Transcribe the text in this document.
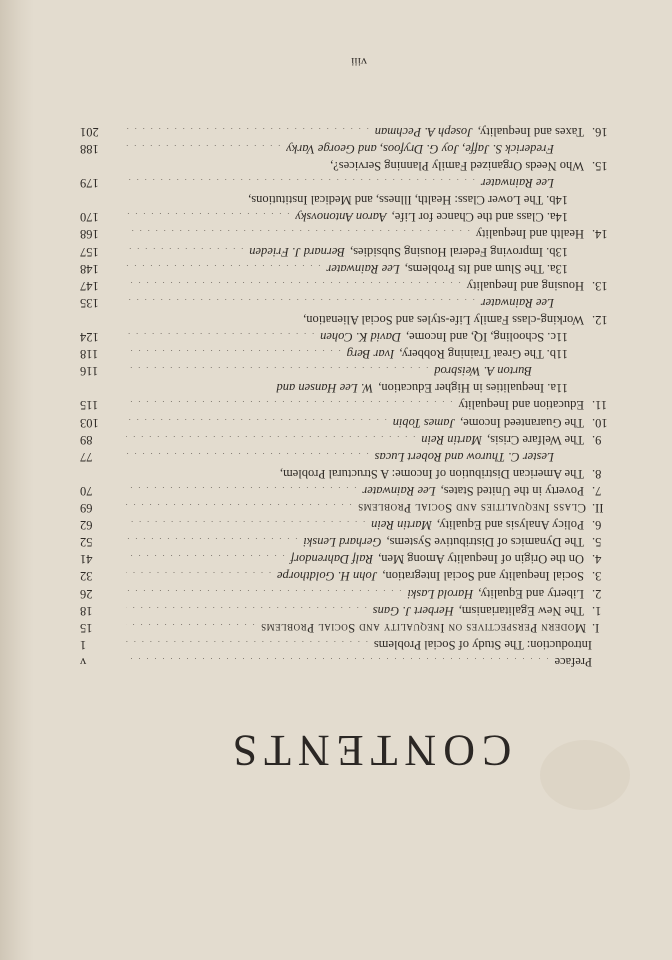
CONTENTS
Preface
. . .
v
Introduction: The Study of Social Problems
. . .
1
I.
Modern Perspectives on Inequality and Social Problems
. . .
15
1.
The New Egalitarianism,
Herbert J. Gans
. . .
18
2.
Liberty and Equality,
Harold Laski
. . .
26
3.
Social Inequality and Social Integration,
John H. Goldthorpe
. . .
32
4.
On the Origin of Inequality Among Men,
Ralf Dahrendorf
. . .
41
5.
The Dynamics of Distributive Systems,
Gerhard Lenski
. . .
52
6.
Policy Analysis and Equality,
Martin Rein
. . .
62
II.
Class Inequalities and Social Problems
. . .
69
7.
Poverty in the United States,
Lee Rainwater
. . .
70
8.
The American Distribution of Income: A Structural Problem,
Lester C. Thurow and Robert Lucas
. . .
77
9.
The Welfare Crisis,
Martin Rein
. . .
89
10.
The Guaranteed Income,
James Tobin
. . .
103
11.
Education and Inequality
. . .
115
11a. Inequalities in Higher Education,
W. Lee Hansen and
Burton A. Weisbrod
. . .
116
11b. The Great Training Robbery,
Ivar Berg
. . .
118
11c. Schooling, IQ, and Income,
David K. Cohen
. . .
124
12.
Working-class Family Life-styles and Social Alienation,
Lee Rainwater
. . .
135
13.
Housing and Inequality
. . .
147
13a. The Slum and Its Problems,
Lee Rainwater
. . .
148
13b. Improving Federal Housing Subsidies,
Bernard J. Frieden
. . .
157
14.
Health and Inequality
. . .
168
14a. Class and the Chance for Life,
Aaron Antonovsky
. . .
170
14b. The Lower Class: Health, Illness, and Medical Institutions,
Lee Rainwater
. . .
179
15.
Who Needs Organized Family Planning Services?,
Frederick S. Jaffe, Joy G. Dryfoos, and George Varky
. . .
188
16.
Taxes and Inequality,
Joseph A. Pechman
. . .
201
viii
